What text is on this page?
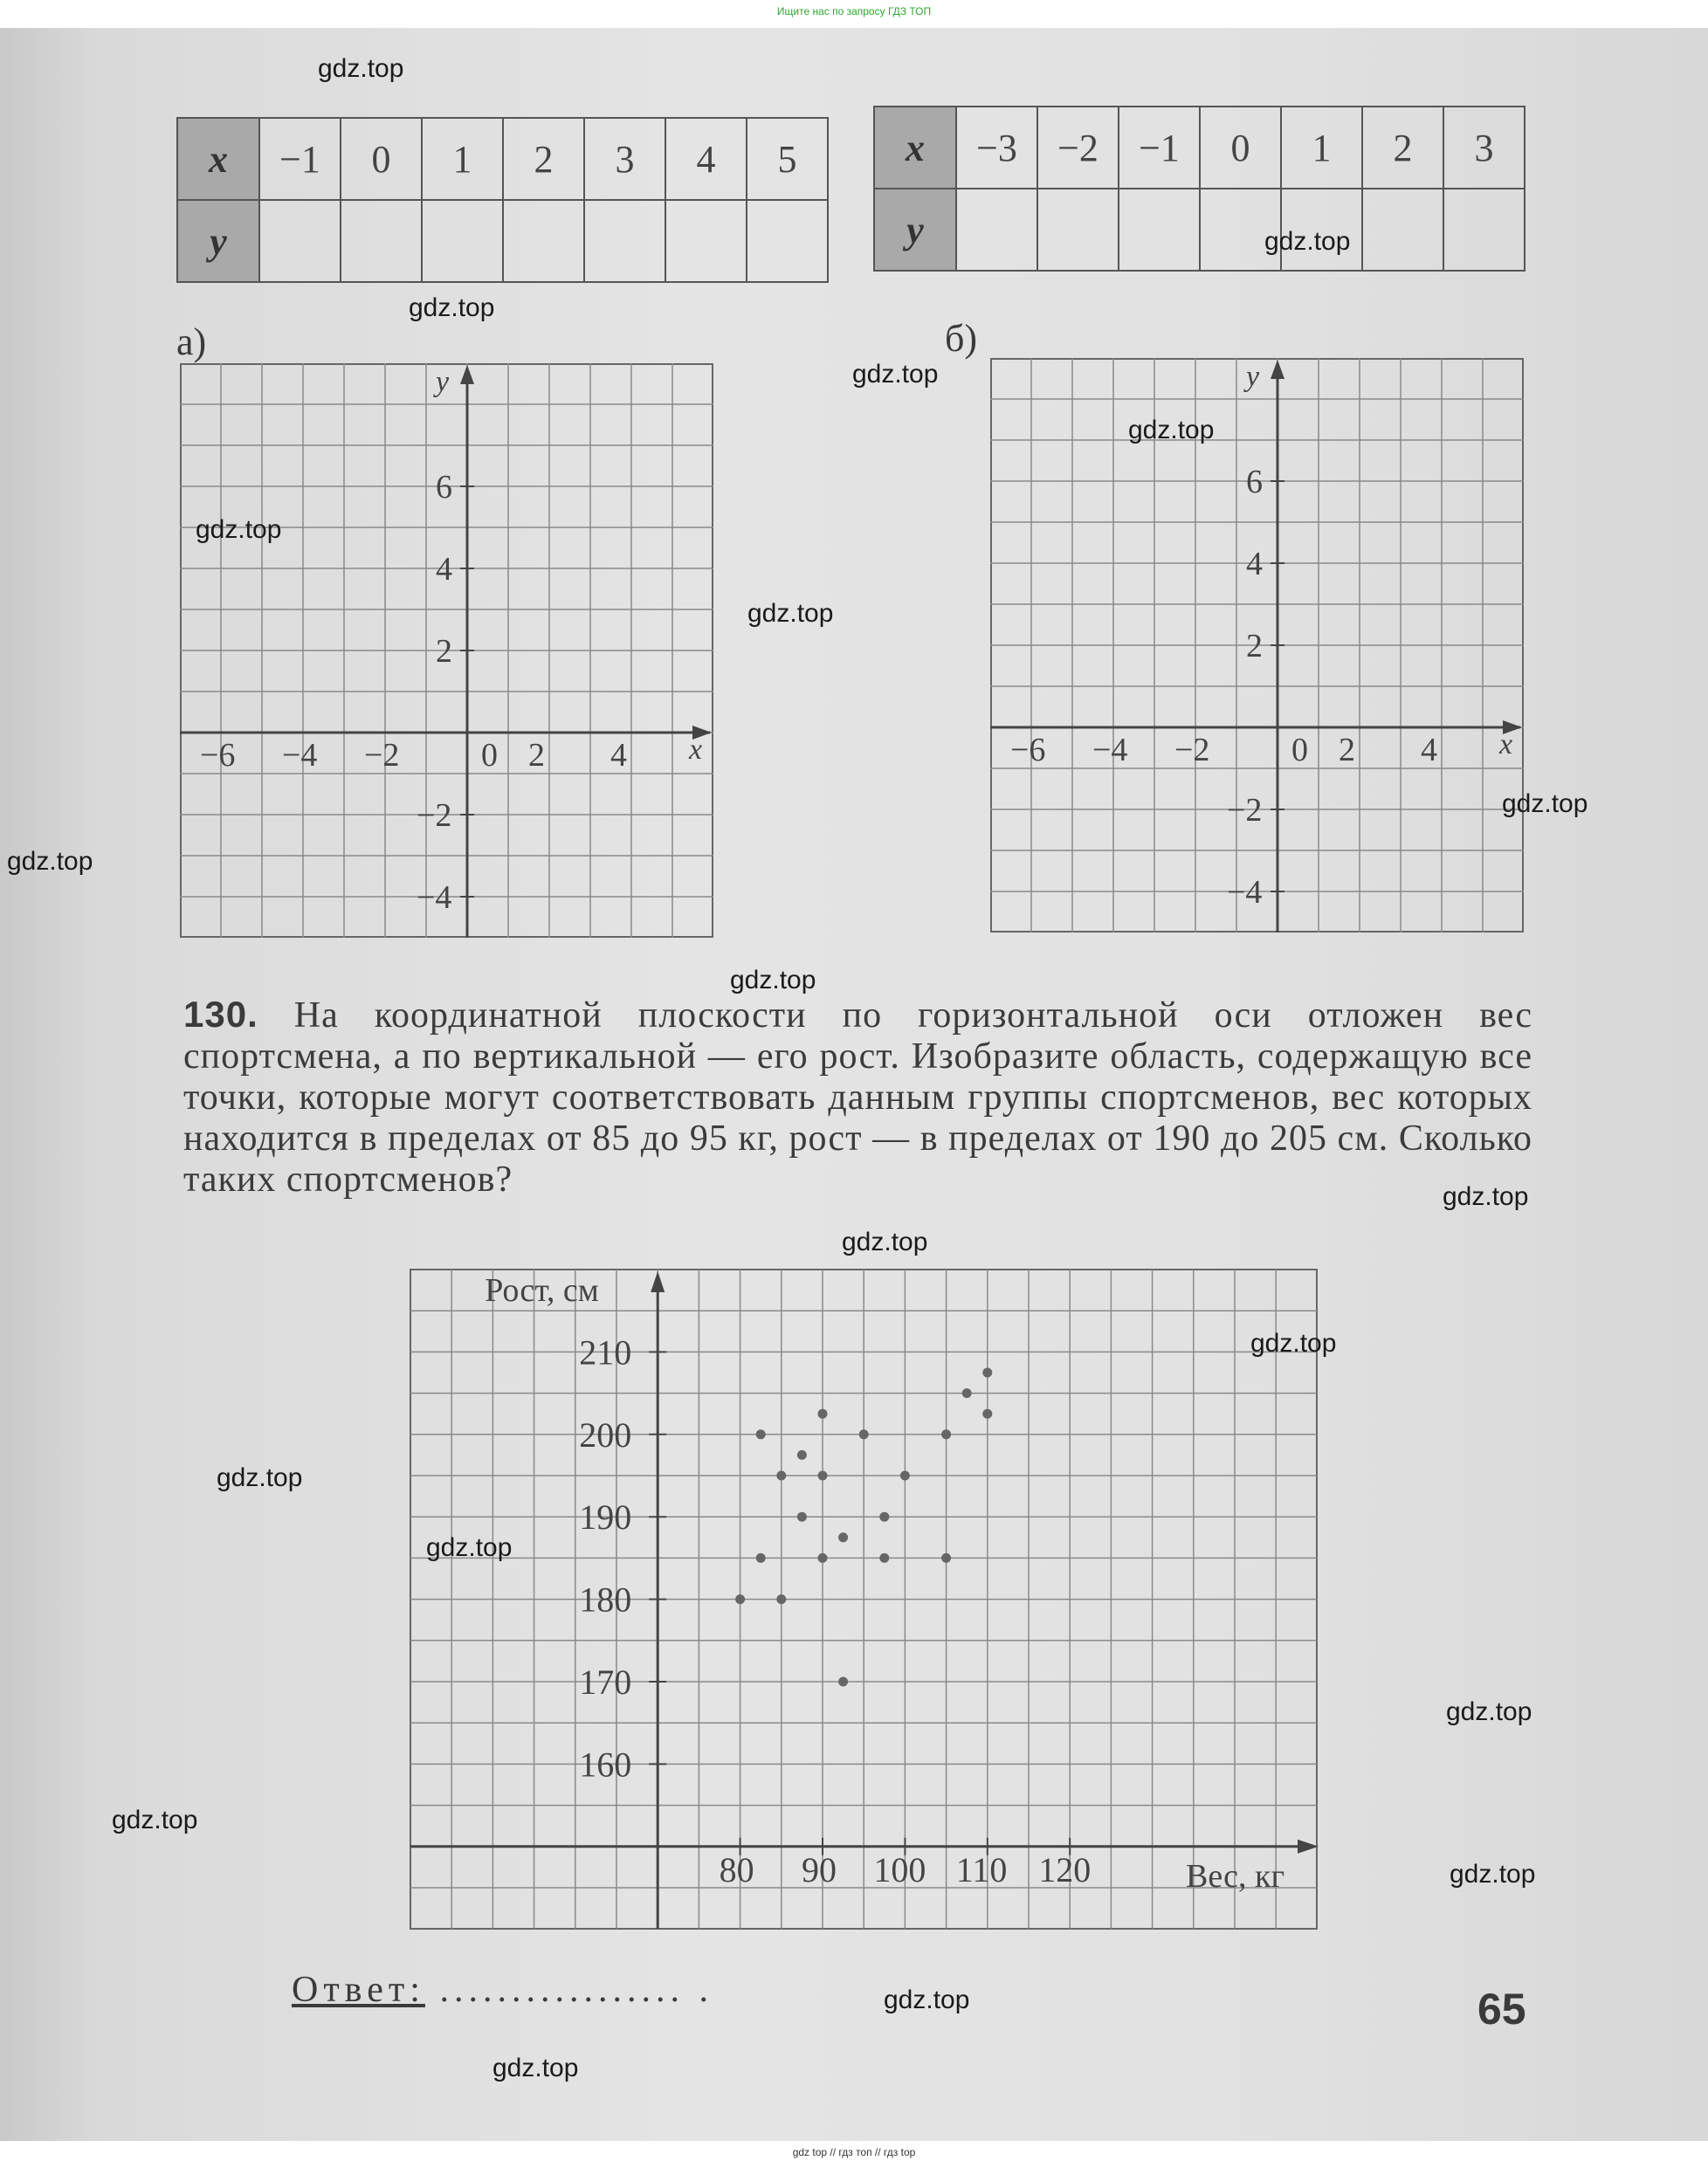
Ищите нас по запросу ГДЗ ТОП
x	−1	0	1	2	3	4	5
y							
x	−3	−2	−1	0	1	2	3
y							
а)	б)
x
y
−6 −4 −2 0 2 4
6
4
2
−2
−4
x
y
−6 −4 −2 0 2 4
6
4
2
−2
−4
130. На координатной плоскости по горизонтальной оси отложен вес спортсмена, а по вертикальной — его рост. Изобразите область, содержащую все точки, которые могут соответствовать данным группы спортсменов, вес которых находится в пределах от 85 до 95 кг, рост — в пределах от 190 до 205 см. Сколько таких спортсменов?
Рост, см
Вес, кг
210
200
190
180
170
160
80 90 100 110 120
Ответ: ................. .	65
gdz.top
gdz.top
gdz.top
gdz.top
gdz.top
gdz.top
gdz.top
gdz.top
gdz.top
gdz.top
gdz.top
gdz.top
gdz.top
gdz.top
gdz.top
gdz.top
gdz.top
gdz.top
gdz.top
gdz.top
gdz top // гдз топ // гдз top
